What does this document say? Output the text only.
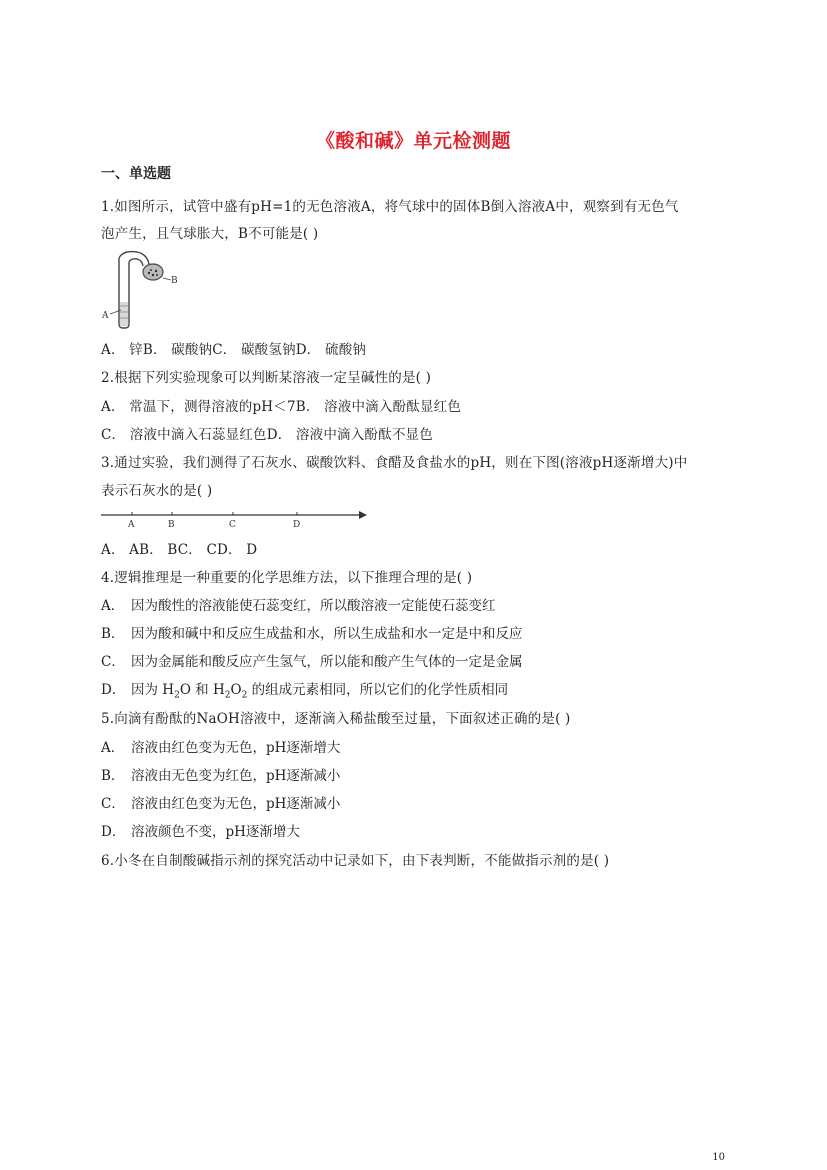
《酸和碱》单元检测题
一、单选题
1.如图所示，试管中盛有pH=1的无色溶液A，将气球中的固体B倒入溶液A中，观察到有无色气
泡产生，且气球胀大，B不可能是( )
A
B
A． 锌B． 碳酸钠C． 碳酸氢钠D． 硫酸钠
2.根据下列实验现象可以判断某溶液一定呈碱性的是( )
A． 常温下，测得溶液的pH＜7B． 溶液中滴入酚酞显红色
C． 溶液中滴入石蕊显红色D． 溶液中滴入酚酞不显色
3.通过实验，我们测得了石灰水、碳酸饮料、食醋及食盐水的pH，则在下图(溶液pH逐渐增大)中
表示石灰水的是( )
A	B	C	D
A． AB． BC． CD． D
4.逻辑推理是一种重要的化学思维方法，以下推理合理的是( )
A． 因为酸性的溶液能使石蕊变红，所以酸溶液一定能使石蕊变红
B． 因为酸和碱中和反应生成盐和水，所以生成盐和水一定是中和反应
C． 因为金属能和酸反应产生氢气，所以能和酸产生气体的一定是金属
D． 因为 $H_2O$ 和 $H_2O_2$ 的组成元素相同，所以它们的化学性质相同
5.向滴有酚酞的NaOH溶液中，逐渐滴入稀盐酸至过量，下面叙述正确的是( )
A． 溶液由红色变为无色，pH逐渐增大
B． 溶液由无色变为红色，pH逐渐减小
C． 溶液由红色变为无色，pH逐渐减小
D． 溶液颜色不变，pH逐渐增大
6.小冬在自制酸碱指示剂的探究活动中记录如下，由下表判断，不能做指示剂的是( )
10
